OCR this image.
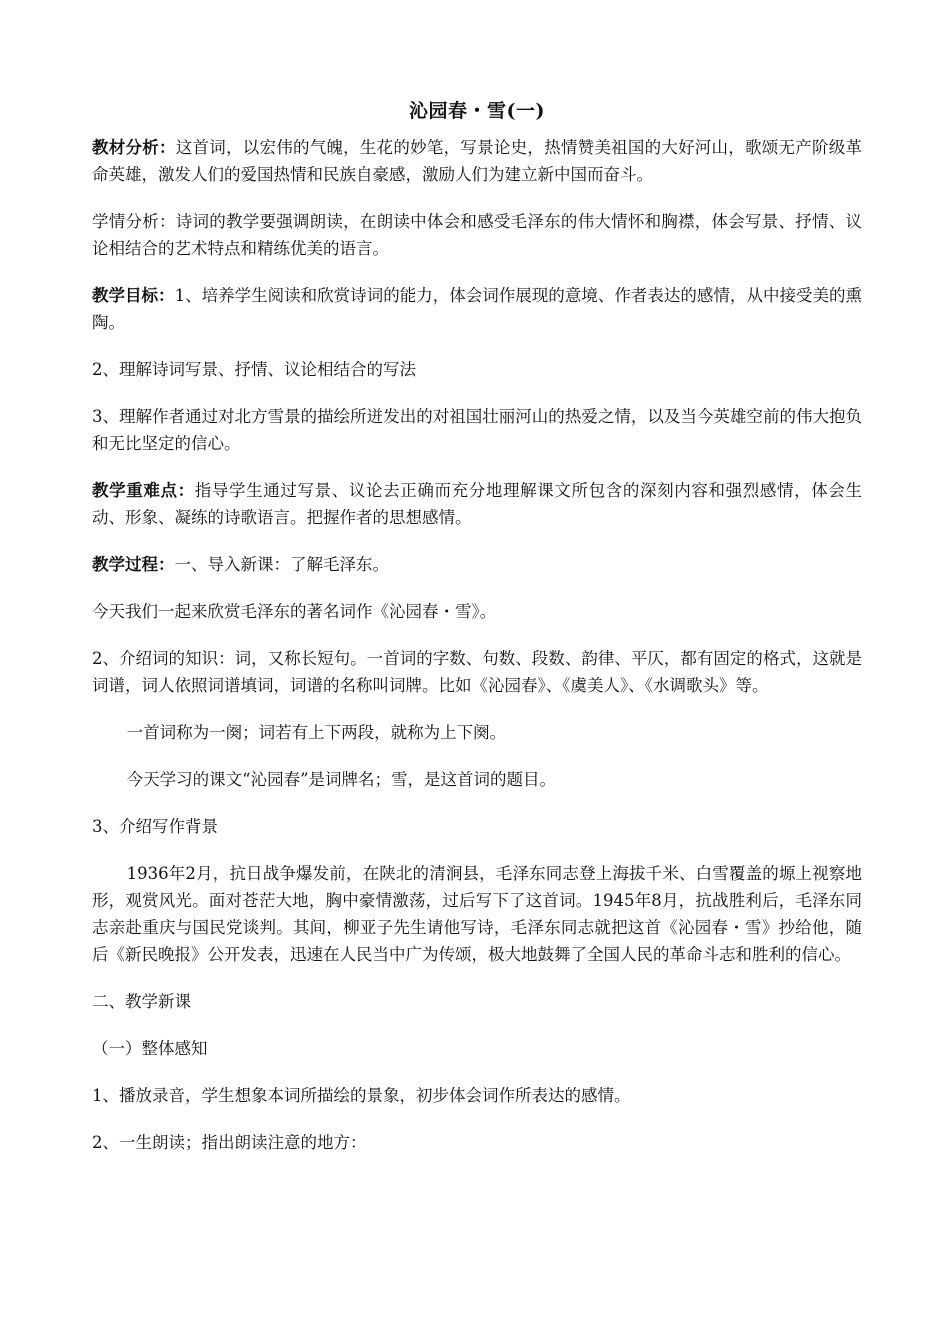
沁园春・雪(一)

教材分析：这首词，以宏伟的气魄，生花的妙笔，写景论史，热情赞美祖国的大好河山，歌颂无产阶级革命英雄，激发人们的爱国热情和民族自豪感，激励人们为建立新中国而奋斗。

学情分析：诗词的教学要强调朗读，在朗读中体会和感受毛泽东的伟大情怀和胸襟，体会写景、抒情、议论相结合的艺术特点和精练优美的语言。

教学目标：1、培养学生阅读和欣赏诗词的能力，体会词作展现的意境、作者表达的感情，从中接受美的熏陶。

2、理解诗词写景、抒情、议论相结合的写法

3、理解作者通过对北方雪景的描绘所迸发出的对祖国壮丽河山的热爱之情，以及当今英雄空前的伟大抱负和无比坚定的信心。

教学重难点：指导学生通过写景、议论去正确而充分地理解课文所包含的深刻内容和强烈感情，体会生动、形象、凝练的诗歌语言。把握作者的思想感情。

教学过程：一、导入新课：了解毛泽东。

今天我们一起来欣赏毛泽东的著名词作《沁园春・雪》。

2、介绍词的知识：词，又称长短句。一首词的字数、句数、段数、韵律、平仄，都有固定的格式，这就是词谱，词人依照词谱填词，词谱的名称叫词牌。比如《沁园春》、《虞美人》、《水调歌头》等。

一首词称为一阕；词若有上下两段，就称为上下阕。

今天学习的课文“沁园春”是词牌名；雪，是这首词的题目。

3、介绍写作背景

1936年2月，抗日战争爆发前，在陕北的清涧县，毛泽东同志登上海拔千米、白雪覆盖的塬上视察地形，观赏风光。面对苍茫大地，胸中豪情激荡，过后写下了这首词。1945年8月，抗战胜利后，毛泽东同志亲赴重庆与国民党谈判。其间，柳亚子先生请他写诗，毛泽东同志就把这首《沁园春・雪》抄给他，随后《新民晚报》公开发表，迅速在人民当中广为传颂，极大地鼓舞了全国人民的革命斗志和胜利的信心。

二、教学新课

（一）整体感知

1、播放录音，学生想象本词所描绘的景象，初步体会词作所表达的感情。

2、一生朗读；指出朗读注意的地方：
